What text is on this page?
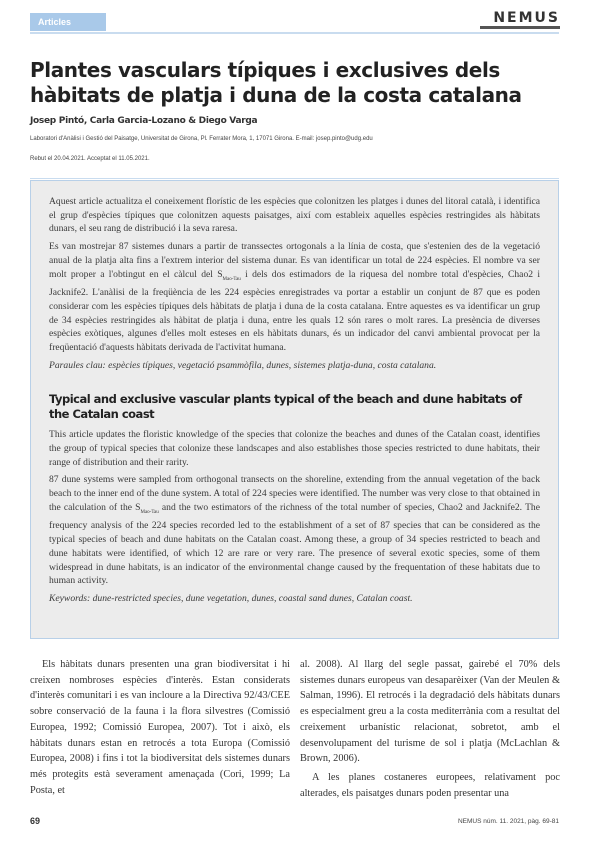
Articles	NEMUS
Plantes vasculars típiques i exclusives dels hàbitats de platja i duna de la costa catalana
Josep Pintó, Carla Garcia-Lozano & Diego Varga
Laboratori d'Anàlisi i Gestió del Paisatge, Universitat de Girona, Pl. Ferrater Mora, 1, 17071 Girona. E-mail: josep.pinto@udg.edu
Rebut el 20.04.2021. Acceptat el 11.05.2021.

Aquest article actualitza el coneixement florístic de les espècies que colonitzen les platges i dunes del litoral català, i identifica el grup d'espècies típiques que colonitzen aquests paisatges, així com estableix aquelles espècies restringides als hàbitats dunars, el seu rang de distribució i la seva raresa.

Es van mostrejar 87 sistemes dunars a partir de transsectes ortogonals a la línia de costa, que s'estenien des de la vegetació anual de la platja alta fins a l'extrem interior del sistema dunar. Es van identificar un total de 224 espècies. El nombre va ser molt proper a l'obtingut en el càlcul del $S_{Mao-Tau}$ i dels dos estimadors de la riquesa del nombre total d'espècies, Chao2 i Jacknife2. L'anàlisi de la freqüència de les 224 espècies enregistrades va portar a establir un conjunt de 87 que es poden considerar com les espècies típiques dels hàbitats de platja i duna de la costa catalana. Entre aquestes es va identificar un grup de 34 espècies restringides als hàbitat de platja i duna, entre les quals 12 són rares o molt rares. La presència de diverses espècies exòtiques, algunes d'elles molt esteses en els hàbitats dunars, és un indicador del canvi ambiental provocat per la freqüentació d'aquests hàbitats derivada de l'activitat humana.

Paraules clau: espècies típiques, vegetació psammòfila, dunes, sistemes platja-duna, costa catalana.

Typical and exclusive vascular plants typical of the beach and dune habitats of the Catalan coast

This article updates the floristic knowledge of the species that colonize the beaches and dunes of the Catalan coast, identifies the group of typical species that colonize these landscapes and also establishes those species restricted to dune habitats, their range of distribution and their rarity.

87 dune systems were sampled from orthogonal transects on the shoreline, extending from the annual vegetation of the back beach to the inner end of the dune system. A total of 224 species were identified. The number was very close to that obtained in the calculation of the $S_{Mao-Tau}$ and the two estimators of the richness of the total number of species, Chao2 and Jacknife2. The frequency analysis of the 224 species recorded led to the establishment of a set of 87 species that can be considered as the typical species of beach and dune habitats on the Catalan coast. Among these, a group of 34 species restricted to beach and dune habitats were identified, of which 12 are rare or very rare. The presence of several exotic species, some of them widespread in dune habitats, is an indicator of the environmental change caused by the frequentation of these habitats due to human activity.

Keywords: dune-restricted species, dune vegetation, dunes, coastal sand dunes, Catalan coast.

Els hàbitats dunars presenten una gran biodiversitat i hi creixen nombroses espècies d'interès. Estan considerats d'interès comunitari i es van incloure a la Directiva 92/43/CEE sobre conservació de la fauna i la flora silvestres (Comissió Europea, 1992; Comissió Europea, 2007). Tot i això, els hàbitats dunars estan en retrocés a tota Europa (Comissió Europea, 2008) i fins i tot la biodiversitat dels sistemes dunars més protegits està severament amenaçada (Cori, 1999; La Posta, et

al. 2008). Al llarg del segle passat, gairebé el 70% dels sistemes dunars europeus van desaparèixer (Van der Meulen & Salman, 1996). El retrocés i la degradació dels hàbitats dunars es especialment greu a la costa mediterrània com a resultat del creixement urbanístic relacionat, sobretot, amb el desenvolupament del turisme de sol i platja (McLachlan & Brown, 2006).

A les planes costaneres europees, relativament poc alterades, els paisatges dunars poden presentar una

69	NEMUS núm. 11. 2021, pàg. 69-81
